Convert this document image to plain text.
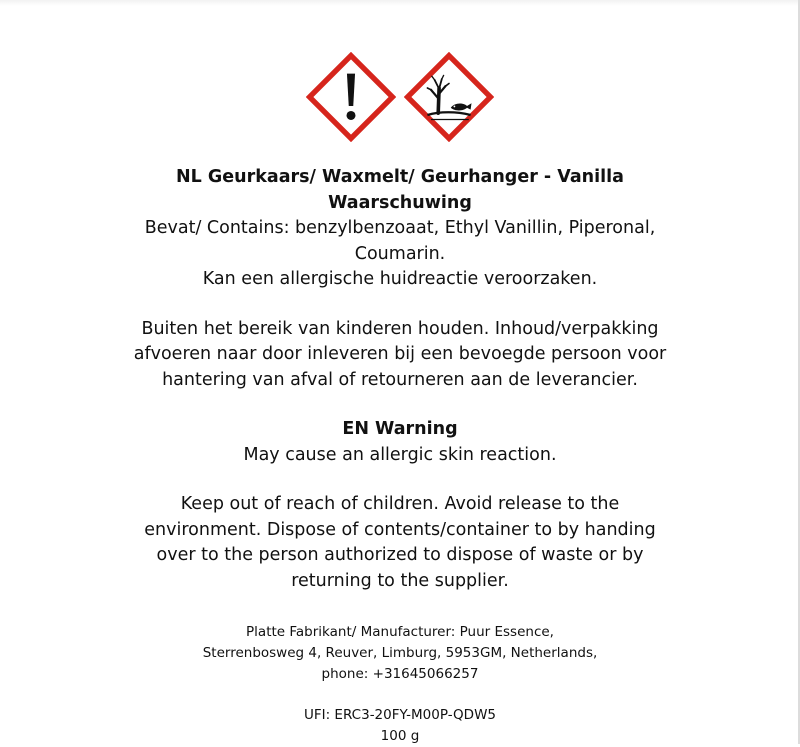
NL Geurkaars/ Waxmelt/ Geurhanger - Vanilla

Waarschuwing

Bevat/ Contains: benzylbenzoaat, Ethyl Vanillin, Piperonal,

Coumarin.

Kan een allergische huidreactie veroorzaken.

Buiten het bereik van kinderen houden. Inhoud/verpakking

afvoeren naar door inleveren bij een bevoegde persoon voor

hantering van afval of retourneren aan de leverancier.

EN Warning

May cause an allergic skin reaction.

Keep out of reach of children. Avoid release to the

environment. Dispose of contents/container to by handing

over to the person authorized to dispose of waste or by

returning to the supplier.

Platte Fabrikant/ Manufacturer: Puur Essence,

Sterrenbosweg 4, Reuver, Limburg, 5953GM, Netherlands,

phone: +31645066257

UFI: ERC3-20FY-M00P-QDW5

100 g
